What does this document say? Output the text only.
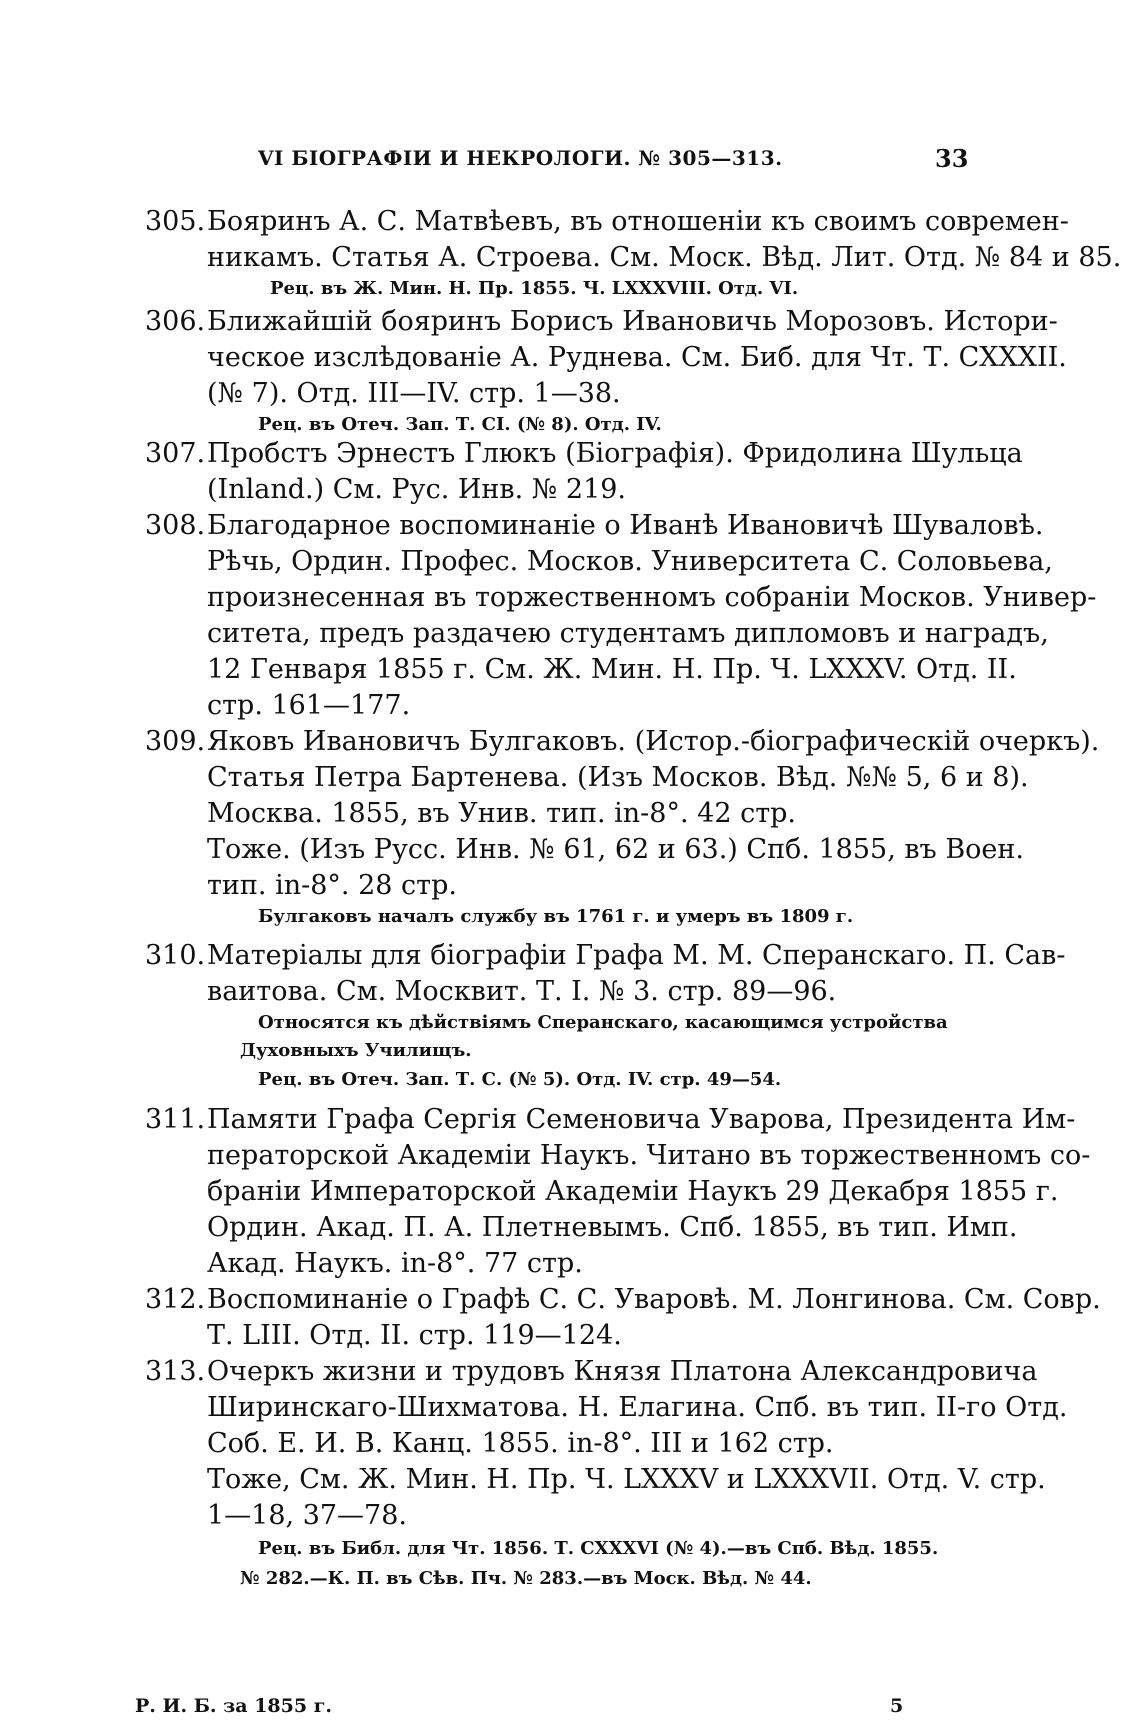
VI БІОГРАФІИ И НЕКРОЛОГИ. № 305—313.	33
305. Бояринъ А. С. Матвѣевъ, въ отношеніи къ своимъ современ-
никамъ. Статья А. Строева. См. Моск. Вѣд. Лит. Отд. № 84 и 85.
Рец. въ Ж. Мин. Н. Пр. 1855. Ч. LXXXVIII. Отд. VI.
306. Ближайшій бояринъ Борисъ Ивановичь Морозовъ. Истори-
ческое изслѣдованіе А. Руднева. См. Биб. для Чт. Т. CXXXII.
(№ 7). Отд. III—IV. стр. 1—38.
Рец. въ Отеч. Зап. Т. CI. (№ 8). Отд. IV.
307. Пробстъ Эрнестъ Глюкъ (Біографія). Фридолина Шульца
(Inland.) См. Рус. Инв. № 219.
308. Благодарное воспоминаніе о Иванѣ Ивановичѣ Шуваловѣ.
Рѣчь, Ордин. Профес. Москов. Университета С. Соловьева,
произнесенная въ торжественномъ собраніи Москов. Универ-
ситета, предъ раздачею студентамъ дипломовъ и наградъ,
12 Генваря 1855 г. См. Ж. Мин. Н. Пр. Ч. LXXXV. Отд. II.
стр. 161—177.
309. Яковъ Ивановичъ Булгаковъ. (Истор.-біографическій очеркъ).
Статья Петра Бартенева. (Изъ Москов. Вѣд. №№ 5, 6 и 8).
Москва. 1855, въ Унив. тип. in-8°. 42 стр.
Тоже. (Изъ Русс. Инв. № 61, 62 и 63.) Спб. 1855, въ Воен.
тип. in-8°. 28 стр.
Булгаковъ началъ службу въ 1761 г. и умеръ въ 1809 г.
310. Матеріалы для біографіи Графа М. М. Сперанскаго. П. Сав-
ваитова. См. Москвит. Т. I. № 3. стр. 89—96.
Относятся къ дѣйствіямъ Сперанскаго, касающимся устройства
Духовныхъ Училищъ.
Рец. въ Отеч. Зап. Т. С. (№ 5). Отд. IV. стр. 49—54.
311. Памяти Графа Сергія Семеновича Уварова, Президента Им-
ператорской Академіи Наукъ. Читано въ торжественномъ со-
браніи Императорской Академіи Наукъ 29 Декабря 1855 г.
Ордин. Акад. П. А. Плетневымъ. Спб. 1855, въ тип. Имп.
Акад. Наукъ. in-8°. 77 стр.
312. Воспоминаніе о Графѣ С. С. Уваровѣ. М. Лонгинова. См. Совр.
Т. LIII. Отд. II. стр. 119—124.
313. Очеркъ жизни и трудовъ Князя Платона Александровича
Ширинскаго-Шихматова. Н. Елагина. Спб. въ тип. II-го Отд.
Соб. Е. И. В. Канц. 1855. in-8°. III и 162 стр.
Тоже, См. Ж. Мин. Н. Пр. Ч. LXXXV и LXXXVII. Отд. V. стр.
1—18, 37—78.
Рец. въ Библ. для Чт. 1856. Т. CXXXVI (№ 4).—въ Спб. Вѣд. 1855.
№ 282.—К. П. въ Сѣв. Пч. № 283.—въ Моск. Вѣд. № 44.
Р. И. Б. за 1855 г.	5
